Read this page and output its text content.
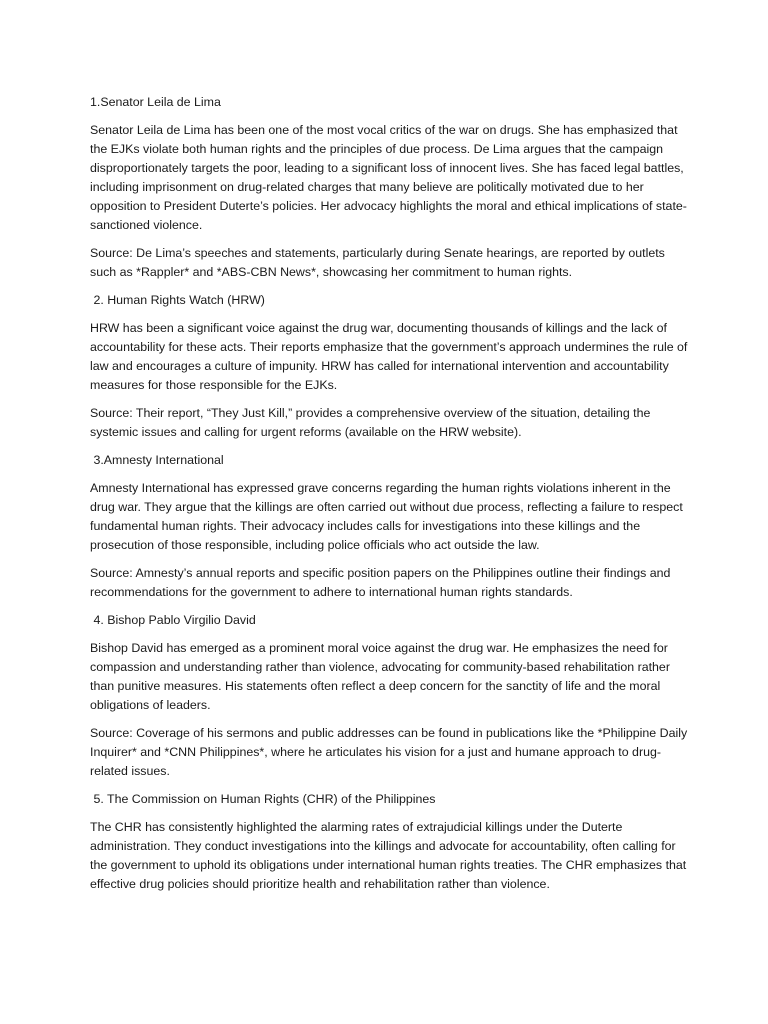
1.Senator Leila de Lima

Senator Leila de Lima has been one of the most vocal critics of the war on drugs. She has emphasized that the EJKs violate both human rights and the principles of due process. De Lima argues that the campaign disproportionately targets the poor, leading to a significant loss of innocent lives. She has faced legal battles, including imprisonment on drug-related charges that many believe are politically motivated due to her opposition to President Duterte’s policies. Her advocacy highlights the moral and ethical implications of state-sanctioned violence.

Source: De Lima’s speeches and statements, particularly during Senate hearings, are reported by outlets such as *Rappler* and *ABS-CBN News*, showcasing her commitment to human rights.

2. Human Rights Watch (HRW)

HRW has been a significant voice against the drug war, documenting thousands of killings and the lack of accountability for these acts. Their reports emphasize that the government’s approach undermines the rule of law and encourages a culture of impunity. HRW has called for international intervention and accountability measures for those responsible for the EJKs.

Source: Their report, “They Just Kill,” provides a comprehensive overview of the situation, detailing the systemic issues and calling for urgent reforms (available on the HRW website).

3.Amnesty International

Amnesty International has expressed grave concerns regarding the human rights violations inherent in the drug war. They argue that the killings are often carried out without due process, reflecting a failure to respect fundamental human rights. Their advocacy includes calls for investigations into these killings and the prosecution of those responsible, including police officials who act outside the law.

Source: Amnesty’s annual reports and specific position papers on the Philippines outline their findings and recommendations for the government to adhere to international human rights standards.

4. Bishop Pablo Virgilio David

Bishop David has emerged as a prominent moral voice against the drug war. He emphasizes the need for compassion and understanding rather than violence, advocating for community-based rehabilitation rather than punitive measures. His statements often reflect a deep concern for the sanctity of life and the moral obligations of leaders.

Source: Coverage of his sermons and public addresses can be found in publications like the *Philippine Daily Inquirer* and *CNN Philippines*, where he articulates his vision for a just and humane approach to drug-related issues.

5. The Commission on Human Rights (CHR) of the Philippines

The CHR has consistently highlighted the alarming rates of extrajudicial killings under the Duterte administration. They conduct investigations into the killings and advocate for accountability, often calling for the government to uphold its obligations under international human rights treaties. The CHR emphasizes that effective drug policies should prioritize health and rehabilitation rather than violence.
